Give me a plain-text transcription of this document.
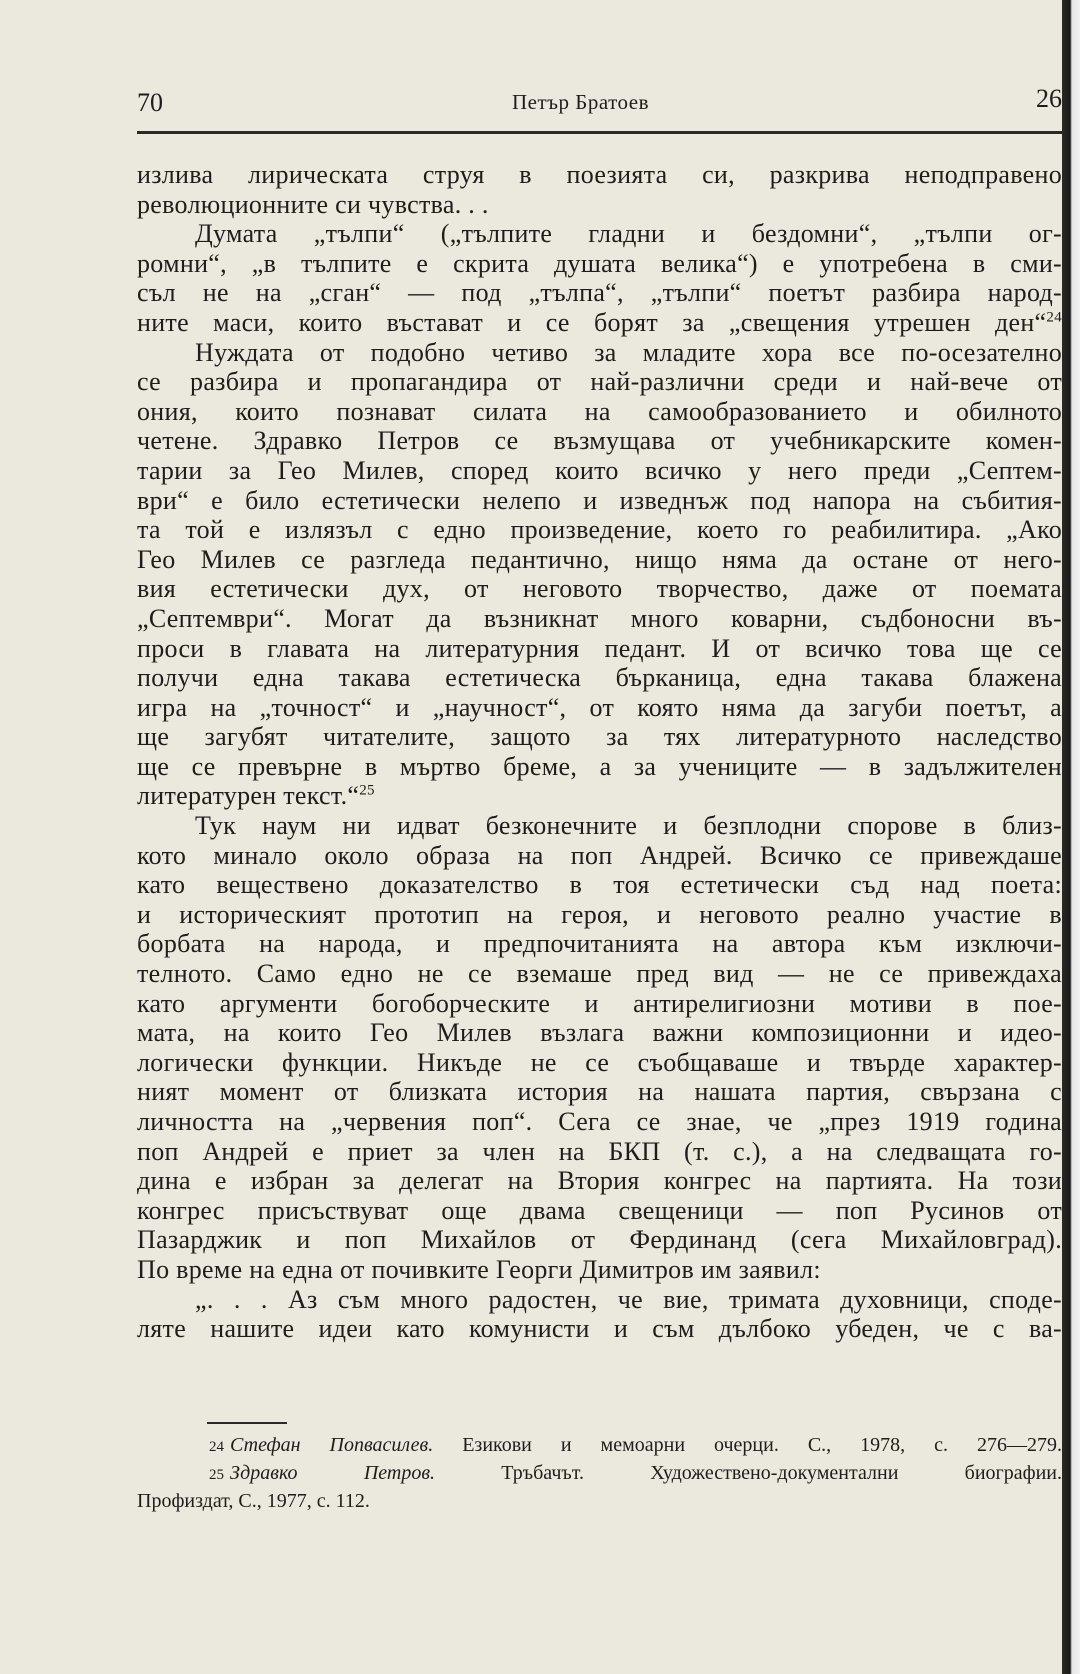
70	Петър Братоев	26
излива лирическата струя в поезията си, разкрива неподправено
революционните си чувства. . .
Думата „тълпи“ („тълпите гладни и бездомни“, „тълпи ог-
ромни“, „в тълпите е скрита душата велика“) е употребена в сми-
съл не на „сган“ — под „тълпа“, „тълпи“ поетът разбира народ-
ните маси, които въстават и се борят за „свещения утрешен ден“$^{24}$
Нуждата от подобно четиво за младите хора все по-осезателно
се разбира и пропагандира от най-различни среди и най-вече от
ония, които познават силата на самообразованието и обилното
четене. Здравко Петров се възмущава от учебникарските комен-
тарии за Гео Милев, според които всичко у него преди „Септем-
ври“ е било естетически нелепо и изведнъж под напора на събития-
та той е излязъл с едно произведение, което го реабилитира. „Ако
Гео Милев се разгледа педантично, нищо няма да остане от него-
вия естетически дух, от неговото творчество, даже от поемата
„Септември“. Могат да възникнат много коварни, съдбоносни въ-
проси в главата на литературния педант. И от всичко това ще се
получи една такава естетическа бърканица, една такава блажена
игра на „точност“ и „научност“, от която няма да загуби поетът, а
ще загубят читателите, защото за тях литературното наследство
ще се превърне в мъртво бреме, а за учениците — в задължителен
литературен текст.“$^{25}$
Тук наум ни идват безконечните и безплодни спорове в близ-
кото минало около образа на поп Андрей. Всичко се привеждаше
като веществено доказателство в тоя естетически съд над поета:
и историческият прототип на героя, и неговото реално участие в
борбата на народа, и предпочитанията на автора към изключи-
телното. Само едно не се вземаше пред вид — не се привеждаха
като аргументи богоборческите и антирелигиозни мотиви в пое-
мата, на които Гео Милев възлага важни композиционни и идео-
логически функции. Никъде не се съобщаваше и твърде характер-
ният момент от близката история на нашата партия, свързана с
личността на „червения поп“. Сега се знае, че „през 1919 година
поп Андрей е приет за член на БКП (т. с.), а на следващата го-
дина е избран за делегат на Втория конгрес на партията. На този
конгрес присъствуват още двама свещеници — поп Русинов от
Пазарджик и поп Михайлов от Фердинанд (сега Михайловград).
По време на една от почивките Георги Димитров им заявил:
„. . . Аз съм много радостен, че вие, тримата духовници, споде-
ляте нашите идеи като комунисти и съм дълбоко убеден, че с ва-
24 Стефан Попвасилев. Езикови и мемоарни очерци. С., 1978, с. 276—279.
25 Здравко Петров.	Тръбачът. Художествено-документални биографии.
Профиздат, С., 1977, с. 112.
